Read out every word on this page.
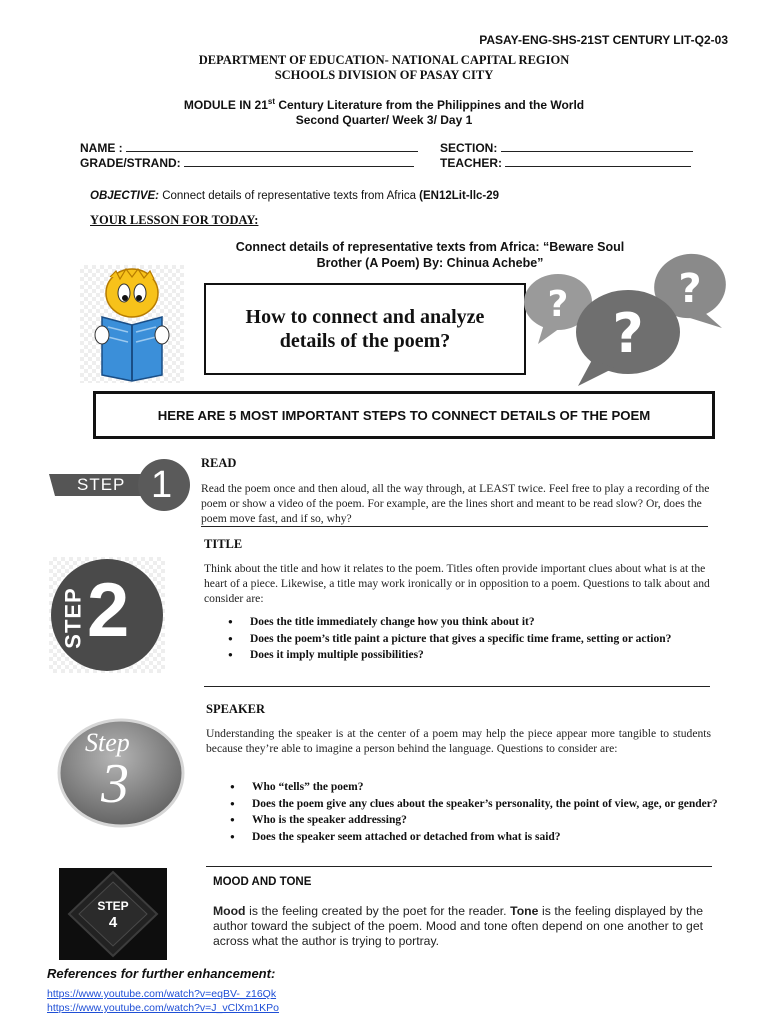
PASAY-ENG-SHS-21ST CENTURY LIT-Q2-03
DEPARTMENT OF EDUCATION- NATIONAL CAPITAL REGION
SCHOOLS DIVISION OF PASAY CITY
MODULE IN 21st Century Literature from the Philippines and the World
Second Quarter/ Week 3/ Day 1
NAME :	SECTION:
GRADE/STRAND:	TEACHER:
OBJECTIVE: Connect details of representative texts from Africa (EN12Lit-llc-29
YOUR LESSON FOR TODAY:
Connect details of representative texts from Africa: “Beware Soul
Brother (A Poem) By: Chinua Achebe”
How to connect and analyze details of the poem?
?	?
?
HERE ARE 5 MOST IMPORTANT STEPS TO CONNECT DETAILS OF THE POEM
STEP 1
READ
Read the poem once and then aloud, all the way through, at LEAST twice. Feel free to play a recording of the poem or show a video of the poem. For example, are the lines short and meant to be read slow? Or, does the poem move fast, and if so, why?
STEP 2
TITLE
Think about the title and how it relates to the poem. Titles often provide important clues about what is at the heart of a piece. Likewise, a title may work ironically or in opposition to a poem. Questions to talk about and consider are:
● Does the title immediately change how you think about it?
● Does the poem’s title paint a picture that gives a specific time frame, setting or action?
● Does it imply multiple possibilities?
Step
3
SPEAKER
Understanding the speaker is at the center of a poem may help the piece appear more tangible to students because they’re able to imagine a person behind the language. Questions to consider are:
● Who “tells” the poem?
● Does the poem give any clues about the speaker’s personality, the point of view, age, or gender?
● Who is the speaker addressing?
● Does the speaker seem attached or detached from what is said?
STEP
4
MOOD AND TONE
Mood is the feeling created by the poet for the reader. Tone is the feeling displayed by the author toward the subject of the poem. Mood and tone often depend on one another to get across what the author is trying to portray.
References for further enhancement:
https://www.youtube.com/watch?v=eqBV-_z16Qk
https://www.youtube.com/watch?v=J_vClXm1KPo
